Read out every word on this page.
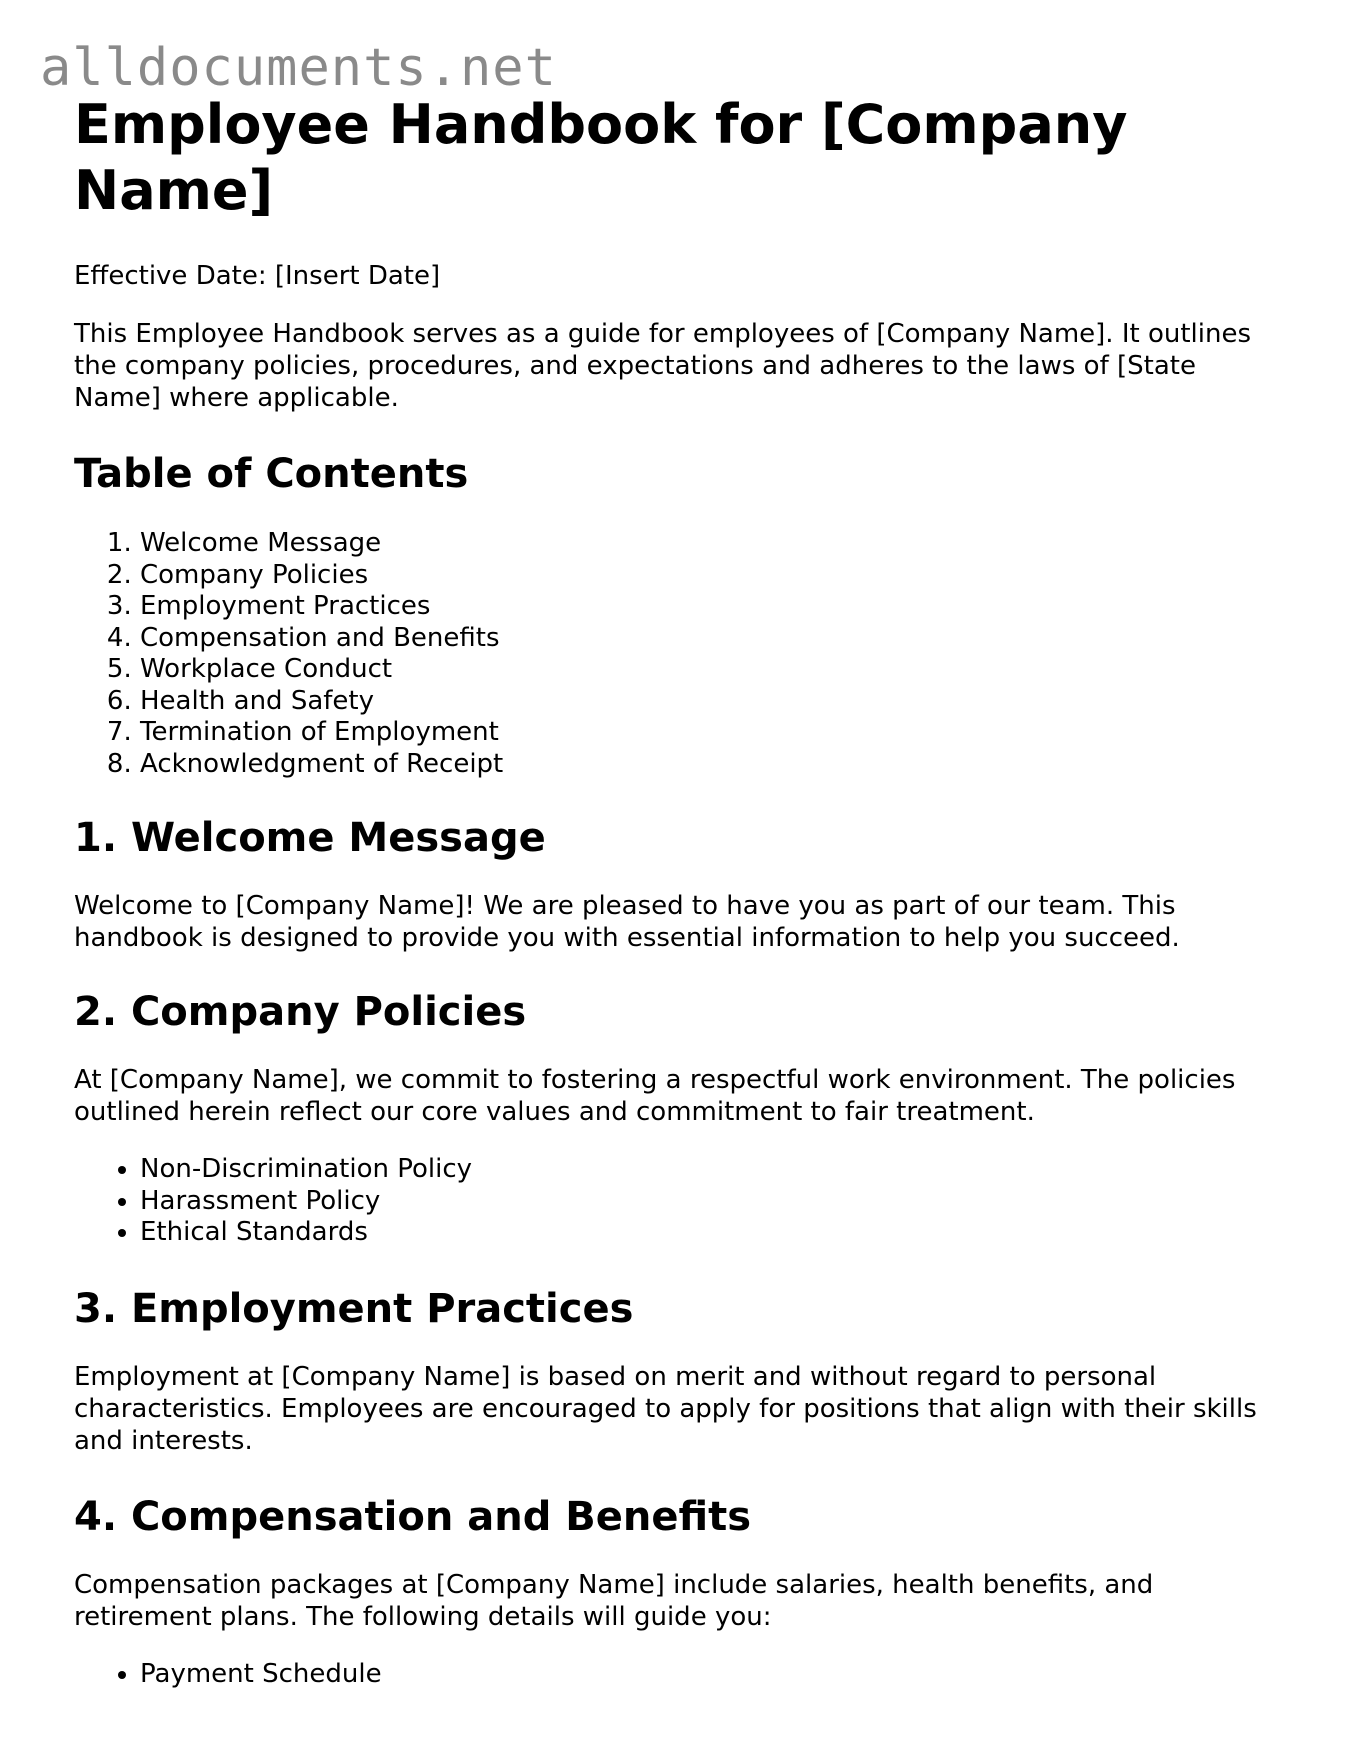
alldocuments.net
Employee Handbook for [Company Name]

Effective Date: [Insert Date]

This Employee Handbook serves as a guide for employees of [Company Name]. It outlines the company policies, procedures, and expectations and adheres to the laws of [State Name] where applicable.

Table of Contents
1. Welcome Message
2. Company Policies
3. Employment Practices
4. Compensation and Benefits
5. Workplace Conduct
6. Health and Safety
7. Termination of Employment
8. Acknowledgment of Receipt
1. Welcome Message

Welcome to [Company Name]! We are pleased to have you as part of our team. This handbook is designed to provide you with essential information to help you succeed.

2. Company Policies

At [Company Name], we commit to fostering a respectful work environment. The policies outlined herein reflect our core values and commitment to fair treatment.

• Non-Discrimination Policy
• Harassment Policy
• Ethical Standards
3. Employment Practices

Employment at [Company Name] is based on merit and without regard to personal characteristics. Employees are encouraged to apply for positions that align with their skills and interests.

4. Compensation and Benefits

Compensation packages at [Company Name] include salaries, health benefits, and retirement plans. The following details will guide you:

• Payment Schedule
